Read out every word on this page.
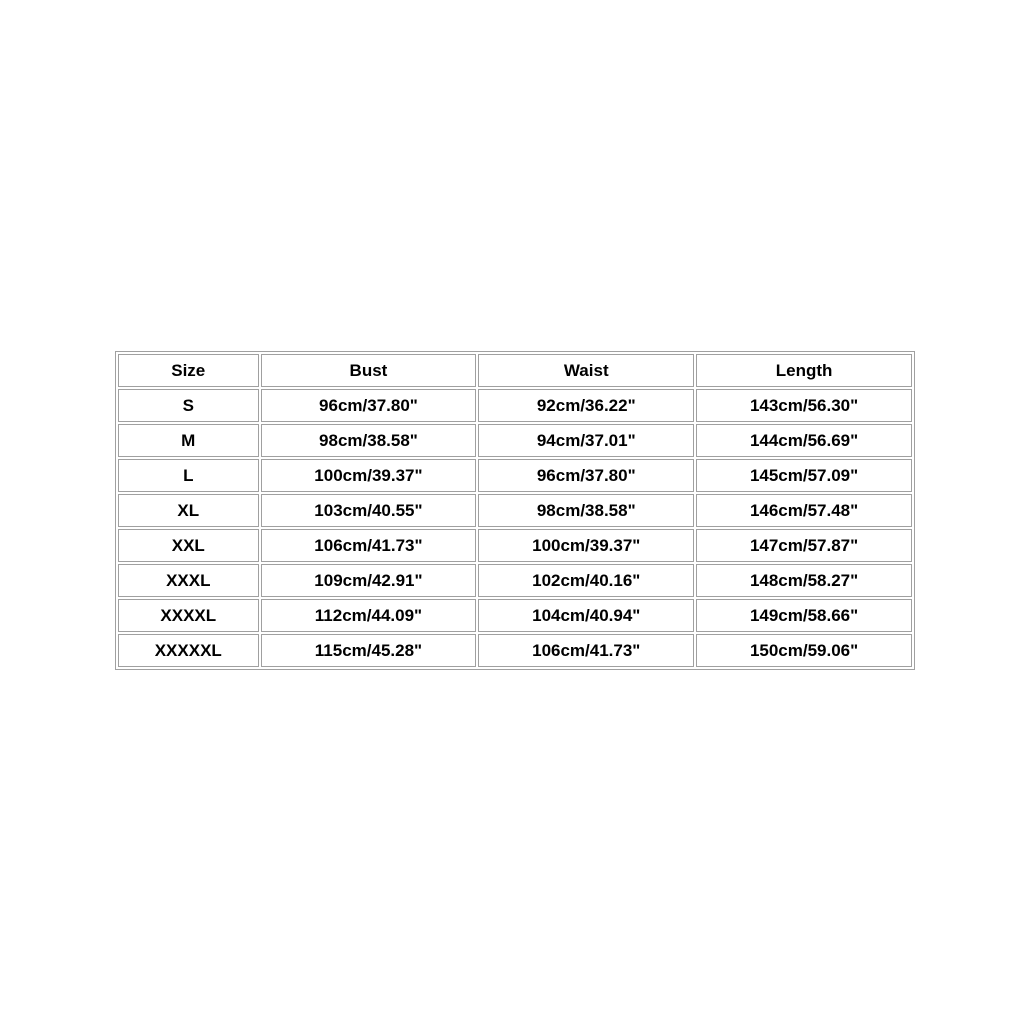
Size	Bust	Waist	Length
S	96cm/37.80"	92cm/36.22"	143cm/56.30"
M	98cm/38.58"	94cm/37.01"	144cm/56.69"
L	100cm/39.37"	96cm/37.80"	145cm/57.09"
XL	103cm/40.55"	98cm/38.58"	146cm/57.48"
XXL	106cm/41.73"	100cm/39.37"	147cm/57.87"
XXXL	109cm/42.91"	102cm/40.16"	148cm/58.27"
XXXXL	112cm/44.09"	104cm/40.94"	149cm/58.66"
XXXXXL	115cm/45.28"	106cm/41.73"	150cm/59.06"
